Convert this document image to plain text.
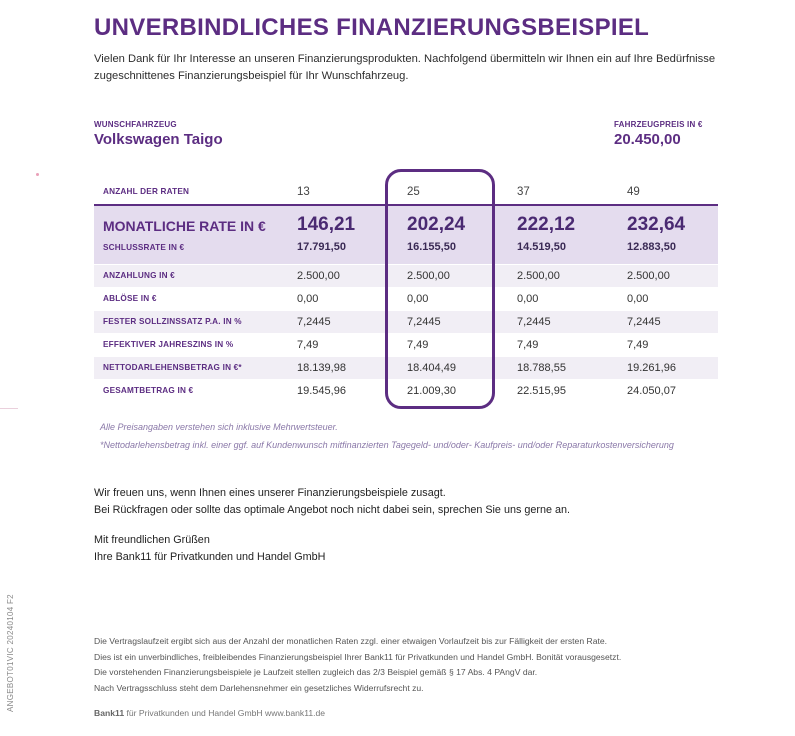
UNVERBINDLICHES FINANZIERUNGSBEISPIEL
Vielen Dank für Ihr Interesse an unseren Finanzierungsprodukten. Nachfolgend übermitteln wir Ihnen ein auf Ihre Bedürfnisse zugeschnittenes Finanzierungsbeispiel für Ihr Wunschfahrzeug.
WUNSCHFAHRZEUG
Volkswagen Taigo
FAHRZEUGPREIS IN €
20.450,00
ANZAHL DER RATEN	13	25	37	49
MONATLICHE RATE IN € 146,21	202,24	222,12	232,64
SCHLUSSRATE IN €	17.791,50	16.155,50	14.519,50	12.883,50
ANZAHLUNG IN €	2.500,00	2.500,00	2.500,00	2.500,00
ABLÖSE IN €	0,00	0,00	0,00	0,00
FESTER SOLLZINSSATZ P.A. IN %	7,2445	7,2445	7,2445	7,2445
EFFEKTIVER JAHRESZINS IN %	7,49	7,49	7,49	7,49
NETTODARLEHENSBETRAG IN €*	18.139,98	18.404,49	18.788,55	19.261,96
GESAMTBETRAG IN €	19.545,96	21.009,30	22.515,95	24.050,07
Alle Preisangaben verstehen sich inklusive Mehrwertsteuer.
*Nettodarlehensbetrag inkl. einer ggf. auf Kundenwunsch mitfinanzierten Tagegeld- und/oder- Kaufpreis- und/oder Reparaturkostenversicherung
Wir freuen uns, wenn Ihnen eines unserer Finanzierungsbeispiele zusagt.
Bei Rückfragen oder sollte das optimale Angebot noch nicht dabei sein, sprechen Sie uns gerne an.
Mit freundlichen Grüßen
Ihre Bank11 für Privatkunden und Handel GmbH
Die Vertragslaufzeit ergibt sich aus der Anzahl der monatlichen Raten zzgl. einer etwaigen Vorlaufzeit bis zur Fälligkeit der ersten Rate.
Dies ist ein unverbindliches, freibleibendes Finanzierungsbeispiel Ihrer Bank11 für Privatkunden und Handel GmbH. Bonität vorausgesetzt.
Die vorstehenden Finanzierungsbeispiele je Laufzeit stellen zugleich das 2/3 Beispiel gemäß § 17 Abs. 4 PAngV dar.
Nach Vertragsschluss steht dem Darlehensnehmer ein gesetzliches Widerrufsrecht zu.
Bank11 für Privatkunden und Handel GmbH www.bank11.de
ANGEBOT01VIC 20240104 F2
